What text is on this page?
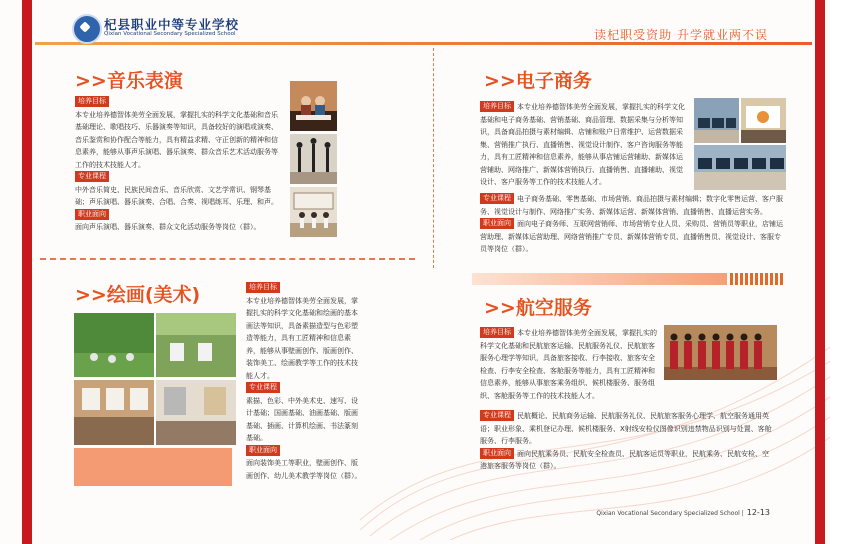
杞县职业中等专业学校
Qixian Vocational Secondary Specialized School	读杞职受资助 升学就业两不误
>>音乐表演

培养目标

本专业培养德智体美劳全面发展，掌握扎实的科学文化基础和音乐基础理论、歌唱技巧、乐器演奏等知识，具备较好的演唱或演奏、音乐鉴赏和协作配合等能力，具有精益求精、守正创新的精神和信息素养，能够从事声乐演唱、器乐演奏、群众音乐艺术活动服务等工作的技术技能人才。

专业课程

中外音乐简史、民族民间音乐、音乐欣赏、文艺学常识、钢琴基础；声乐演唱、器乐演奏、合唱、合奏、视唱练耳、乐理、和声。

职业面向

面向声乐演唱、器乐演奏、群众文化活动服务等岗位（群）。

>>绘画(美术)	培养目标

本专业培养德智体美劳全面发展，掌握扎实的科学文化基础和绘画的基本画法等知识，具备素描造型与色彩塑造等能力，具有工匠精神和信息素养，能够从事壁画创作、版画创作、装饰美工、绘画教学等工作的技术技能人才。

专业课程

素描、色彩、中外美术史、速写、设计基础；国画基础、油画基础、版画基础、插画、计算机绘画、书法篆刻基础。

职业面向

面向装饰美工等职业，壁画创作、版画创作、幼儿美术教学等岗位（群）。

>>电子商务

培养目标 本专业培养德智体美劳全面发展，掌握扎实的科学文化基础和电子商务基础、营销基础、商品管理、数据采集与分析等知识，具备商品拍摄与素材编辑、店铺和账户日常维护、运营数据采集、营销推广执行、直播销售、视觉设计制作、客户咨询服务等能力，具有工匠精神和信息素养，能够从事店铺运营辅助、新媒体运营辅助、网络推广、新媒体营销执行、直播销售、直播辅助、视觉设计、客户服务等工作的技术技能人才。

专业课程 电子商务基础、零售基础、市场营销、商品拍摄与素材编辑；数字化零售运营、客户服务、视觉设计与制作、网络推广实务、新媒体运营、新媒体营销、直播销售、直播运营实务。

职业面向 面向电子商务师、互联网营销师、市场营销专业人员、采购员、营销员等职业，店铺运营助理、新媒体运营助理、网络营销推广专员、新媒体营销专员、直播销售员、视觉设计、客服专员等岗位（群）。

>>航空服务

培养目标 本专业培养德智体美劳全面发展，掌握扎实的科学文化基础和民航旅客运输、民航服务礼仪、民航旅客服务心理学等知识，具备旅客接收、行李接收、旅客安全检查、行李安全检查、客舱服务等能力，具有工匠精神和信息素养，能够从事旅客乘务组织、候机楼服务、服务组织、客舱服务等工作的技术技能人才。

专业课程 民航概论、民航商务运输、民航服务礼仪、民航旅客服务心理学、航空服务通用英语；职业形象、乘机登记办理、候机楼服务、X射线安检仪图像识别违禁物品识别与处置、客舱服务、行李服务。

职业面向 面向民航乘务员、民航安全检查员、民航客运员等职业，民航乘务、民航安检、空港旅客服务等岗位（群）。

Qixian Vocational Secondary Specialized School | 12-13
